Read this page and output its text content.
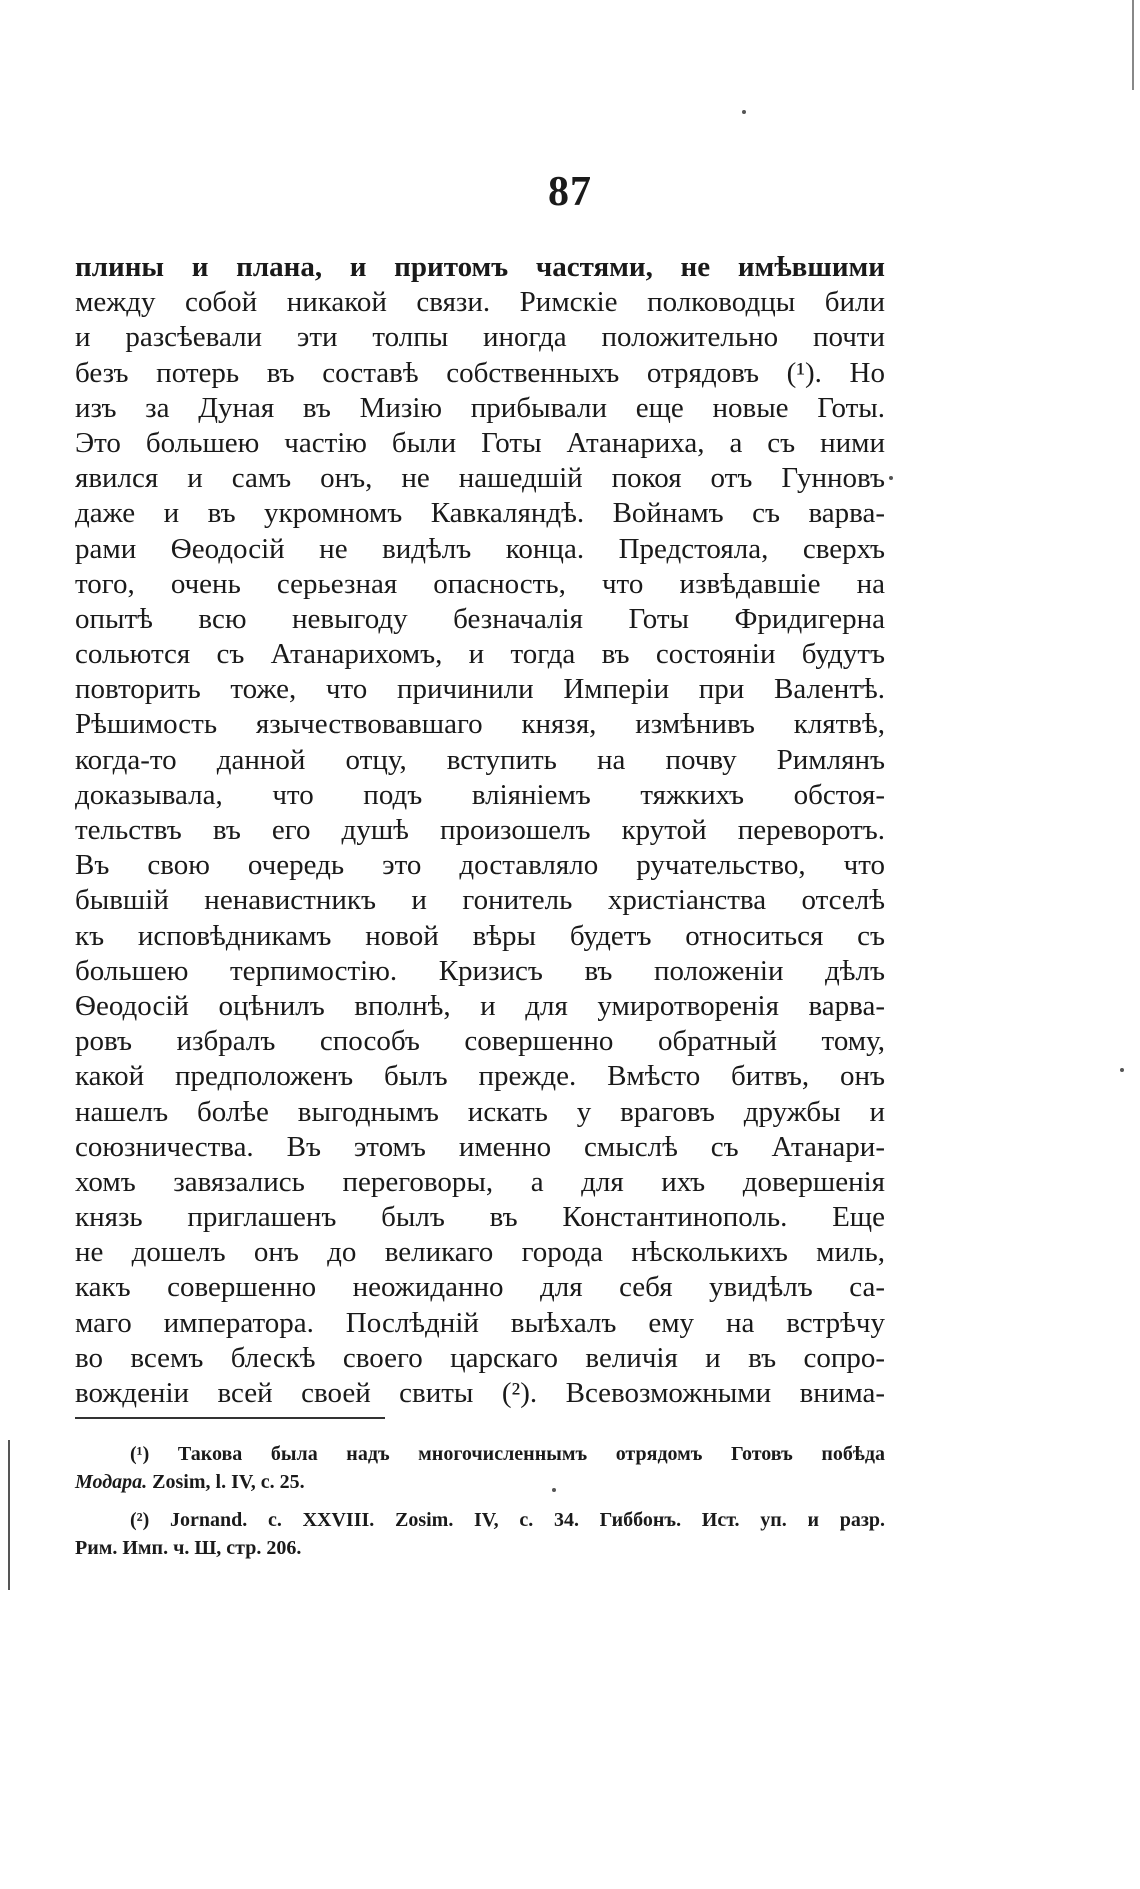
87
плины и плана, и притомъ частями, не имѣвшими
между собой никакой связи. Римскіе полководцы били
и разсѣевали эти толпы иногда положительно почти
безъ потерь въ составѣ собственныхъ отрядовъ (¹). Но
изъ за Дуная въ Мизію прибывали еще новые Готы.
Это большею частію были Готы Атанариха, а съ ними
явился и самъ онъ, не нашедшій покоя отъ Гунновъ
даже и въ укромномъ Кавкаляндѣ. Войнамъ съ варва-
рами Ѳеодосій не видѣлъ конца. Предстояла, сверхъ
того, очень серьезная опасность, что извѣдавшіе на
опытѣ всю невыгоду безначалія Готы Фридигерна
сольются съ Атанарихомъ, и тогда въ состояніи будутъ
повторить тоже, что причинили Имперіи при Валентѣ.
Рѣшимость язычествовавшаго князя, измѣнивъ клятвѣ,
когда-то данной отцу, вступить на почву Римлянъ
доказывала, что подъ вліяніемъ тяжкихъ обстоя-
тельствъ въ его душѣ произошелъ крутой переворотъ.
Въ свою очередь это доставляло ручательство, что
бывшій ненавистникъ и гонитель христіанства отселѣ
къ исповѣдникамъ новой вѣры будетъ относиться съ
большею терпимостію. Кризисъ въ положеніи дѣлъ
Ѳеодосій оцѣнилъ вполнѣ, и для умиротворенія варва-
ровъ избралъ способъ совершенно обратный тому,
какой предположенъ былъ прежде. Вмѣсто битвъ, онъ
нашелъ болѣе выгоднымъ искать у враговъ дружбы и
союзничества. Въ этомъ именно смыслѣ съ Атанари-
хомъ завязались переговоры, а для ихъ довершенія
князь приглашенъ былъ въ Константинополь. Еще
не дошелъ онъ до великаго города нѣсколькихъ миль,
какъ совершенно неожиданно для себя увидѣлъ са-
маго императора. Послѣдній выѣхалъ ему на встрѣчу
во всемъ блескѣ своего царскаго величія и въ сопро-
вожденіи всей своей свиты (²). Всевозможными внима-
(¹) Такова была надъ многочисленнымъ отрядомъ Готовъ побѣда
Модара. Zosim, l. IV, с. 25.
(²) Jornand. c. XXVIII. Zosim. IV, c. 34. Гиббонъ. Ист. уп. и разр.
Рим. Имп. ч. Ш, стр. 206.
